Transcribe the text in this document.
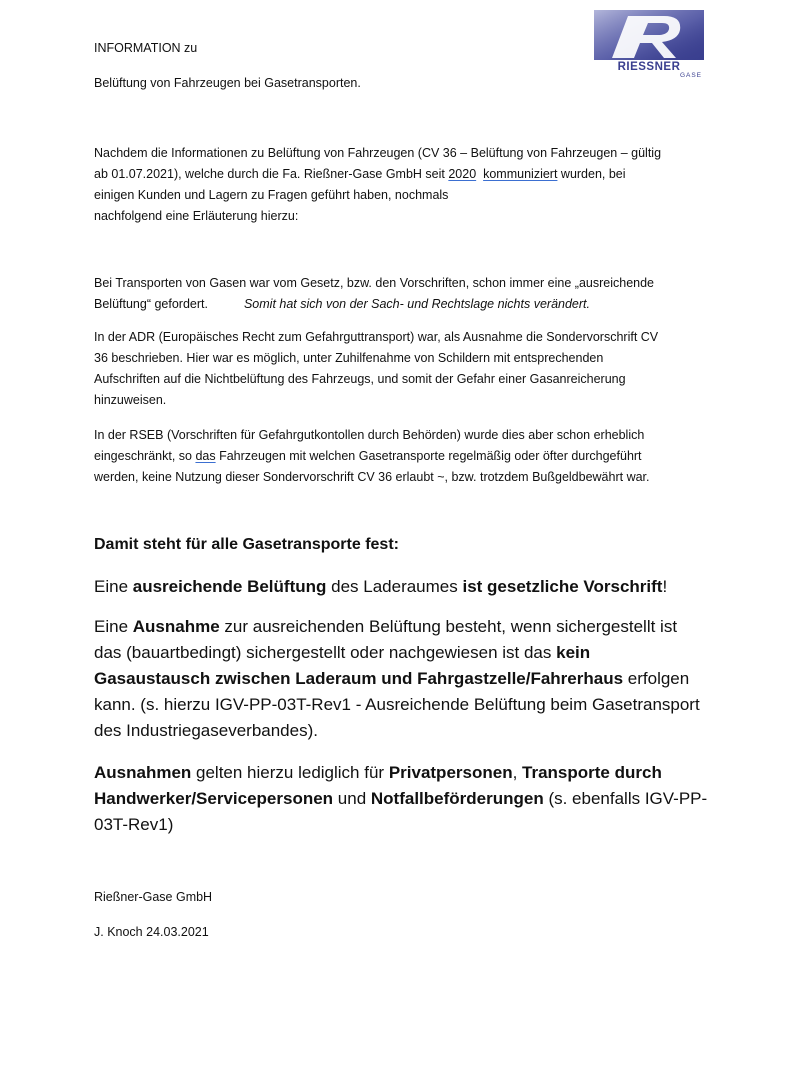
INFORMATION zu
Belüftung von Fahrzeugen bei Gasetransporten.
RIESSNER
GASE
Nachdem die Informationen zu Belüftung von Fahrzeugen (CV 36 – Belüftung von Fahrzeugen – gültig
ab 01.07.2021), welche durch die Fa. Rießner-Gase GmbH seit 2020 kommuniziert wurden, bei
einigen Kunden und Lagern zu Fragen geführt haben, nochmals
nachfolgend eine Erläuterung hierzu:
Bei Transporten von Gasen war vom Gesetz, bzw. den Vorschriften, schon immer eine „ausreichende
Belüftung“ gefordert.	Somit hat sich von der Sach- und Rechtslage nichts verändert.
In der ADR (Europäisches Recht zum Gefahrguttransport) war, als Ausnahme die Sondervorschrift CV
36 beschrieben. Hier war es möglich, unter Zuhilfenahme von Schildern mit entsprechenden
Aufschriften auf die Nichtbelüftung des Fahrzeugs, und somit der Gefahr einer Gasanreicherung
hinzuweisen.
In der RSEB (Vorschriften für Gefahrgutkontollen durch Behörden) wurde dies aber schon erheblich
eingeschränkt, so das Fahrzeugen mit welchen Gasetransporte regelmäßig oder öfter durchgeführt
werden, keine Nutzung dieser Sondervorschrift CV 36 erlaubt ~, bzw. trotzdem Bußgeldbewährt war.
Damit steht für alle Gasetransporte fest:
Eine ausreichende Belüftung des Laderaumes ist gesetzliche Vorschrift!
Eine Ausnahme zur ausreichenden Belüftung besteht, wenn sichergestellt ist
das (bauartbedingt) sichergestellt oder nachgewiesen ist das kein
Gasaustausch zwischen Laderaum und Fahrgastzelle/Fahrerhaus erfolgen
kann. (s. hierzu IGV-PP-03T-Rev1 - Ausreichende Belüftung beim Gasetransport
des Industriegaseverbandes).
Ausnahmen gelten hierzu lediglich für Privatpersonen, Transporte durch
Handwerker/Servicepersonen und Notfallbeförderungen (s. ebenfalls IGV-PP-
03T-Rev1)
Rießner-Gase GmbH
J. Knoch 24.03.2021
